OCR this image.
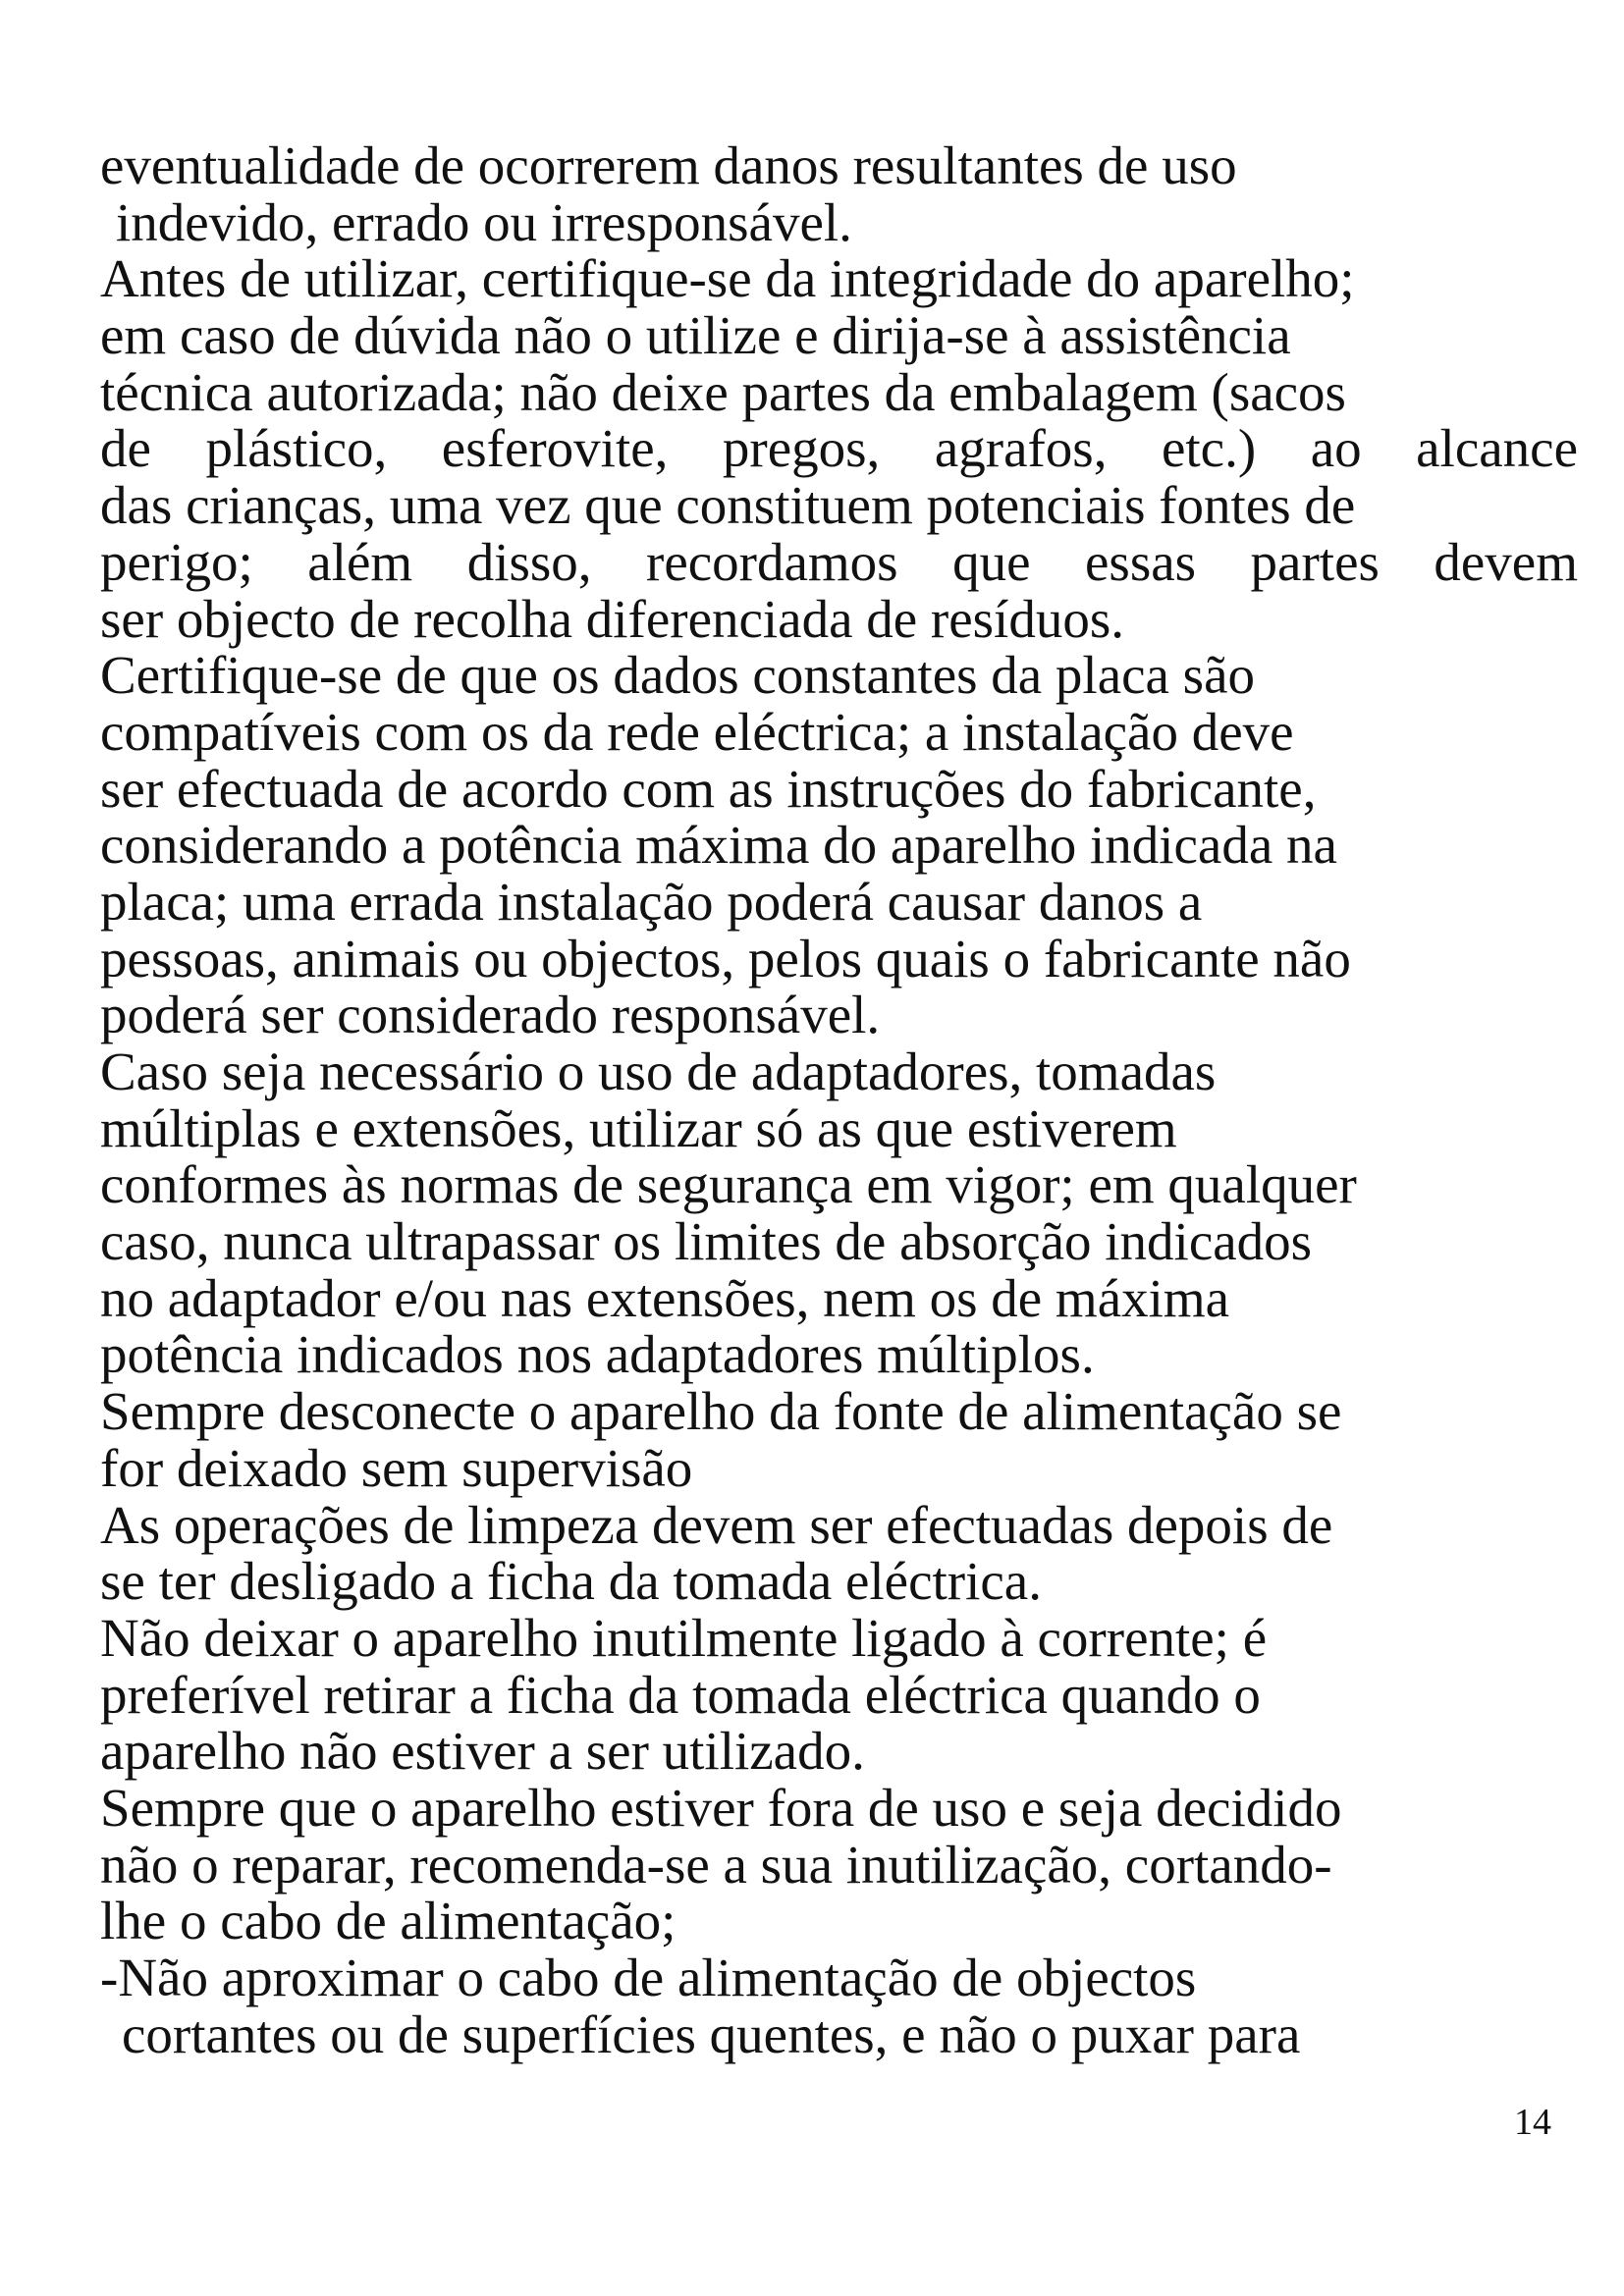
eventualidade de ocorrerem danos resultantes de uso
indevido, errado ou irresponsável.
Antes de utilizar, certifique-se da integridade do aparelho;
em caso de dúvida não o utilize e dirija-se à assistência
técnica autorizada; não deixe partes da embalagem (sacos
de plástico, esferovite, pregos, agrafos, etc.) ao alcance
das crianças, uma vez que constituem potenciais fontes de
perigo; além disso, recordamos que essas partes devem
ser objecto de recolha diferenciada de resíduos.
Certifique-se de que os dados constantes da placa são
compatíveis com os da rede eléctrica; a instalação deve
ser efectuada de acordo com as instruções do fabricante,
considerando a potência máxima do aparelho indicada na
placa; uma errada instalação poderá causar danos a
pessoas, animais ou objectos, pelos quais o fabricante não
poderá ser considerado responsável.
Caso seja necessário o uso de adaptadores, tomadas
múltiplas e extensões, utilizar só as que estiverem
conformes às normas de segurança em vigor; em qualquer
caso, nunca ultrapassar os limites de absorção indicados
no adaptador e/ou nas extensões, nem os de máxima
potência indicados nos adaptadores múltiplos.
Sempre desconecte o aparelho da fonte de alimentação se
for deixado sem supervisão
As operações de limpeza devem ser efectuadas depois de
se ter desligado a ficha da tomada eléctrica.
Não deixar o aparelho inutilmente ligado à corrente; é
preferível retirar a ficha da tomada eléctrica quando o
aparelho não estiver a ser utilizado.
Sempre que o aparelho estiver fora de uso e seja decidido
não o reparar, recomenda-se a sua inutilização, cortando-
lhe o cabo de alimentação;
-Não aproximar o cabo de alimentação de objectos
cortantes ou de superfícies quentes, e não o puxar para
14
